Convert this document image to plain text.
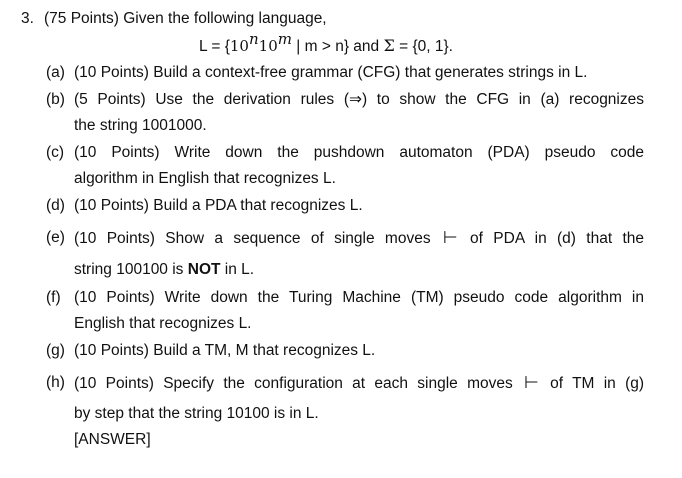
3. (75 Points) Given the following language,
$L = \{10^n10^m$ | m > n} and Σ = {0, 1}.
(a) (10 Points) Build a context-free grammar (CFG) that generates strings in L.
(b) (5 Points) Use the derivation rules (⇒) to show the CFG in (a) recognizes
the string 1001000.
(c) (10 Points) Write down the pushdown automaton (PDA) pseudo code
algorithm in English that recognizes L.
(d) (10 Points) Build a PDA that recognizes L.
(e) (10 Points) Show a sequence of single moves ⊢ of PDA in (d) that the
string 100100 is NOT in L.
(f) (10 Points) Write down the Turing Machine (TM) pseudo code algorithm in
English that recognizes L.
(g) (10 Points) Build a TM, M that recognizes L.
(h) (10 Points) Specify the configuration at each single moves ⊢ of TM in (g)
by step that the string 10100 is in L.
[ANSWER]
